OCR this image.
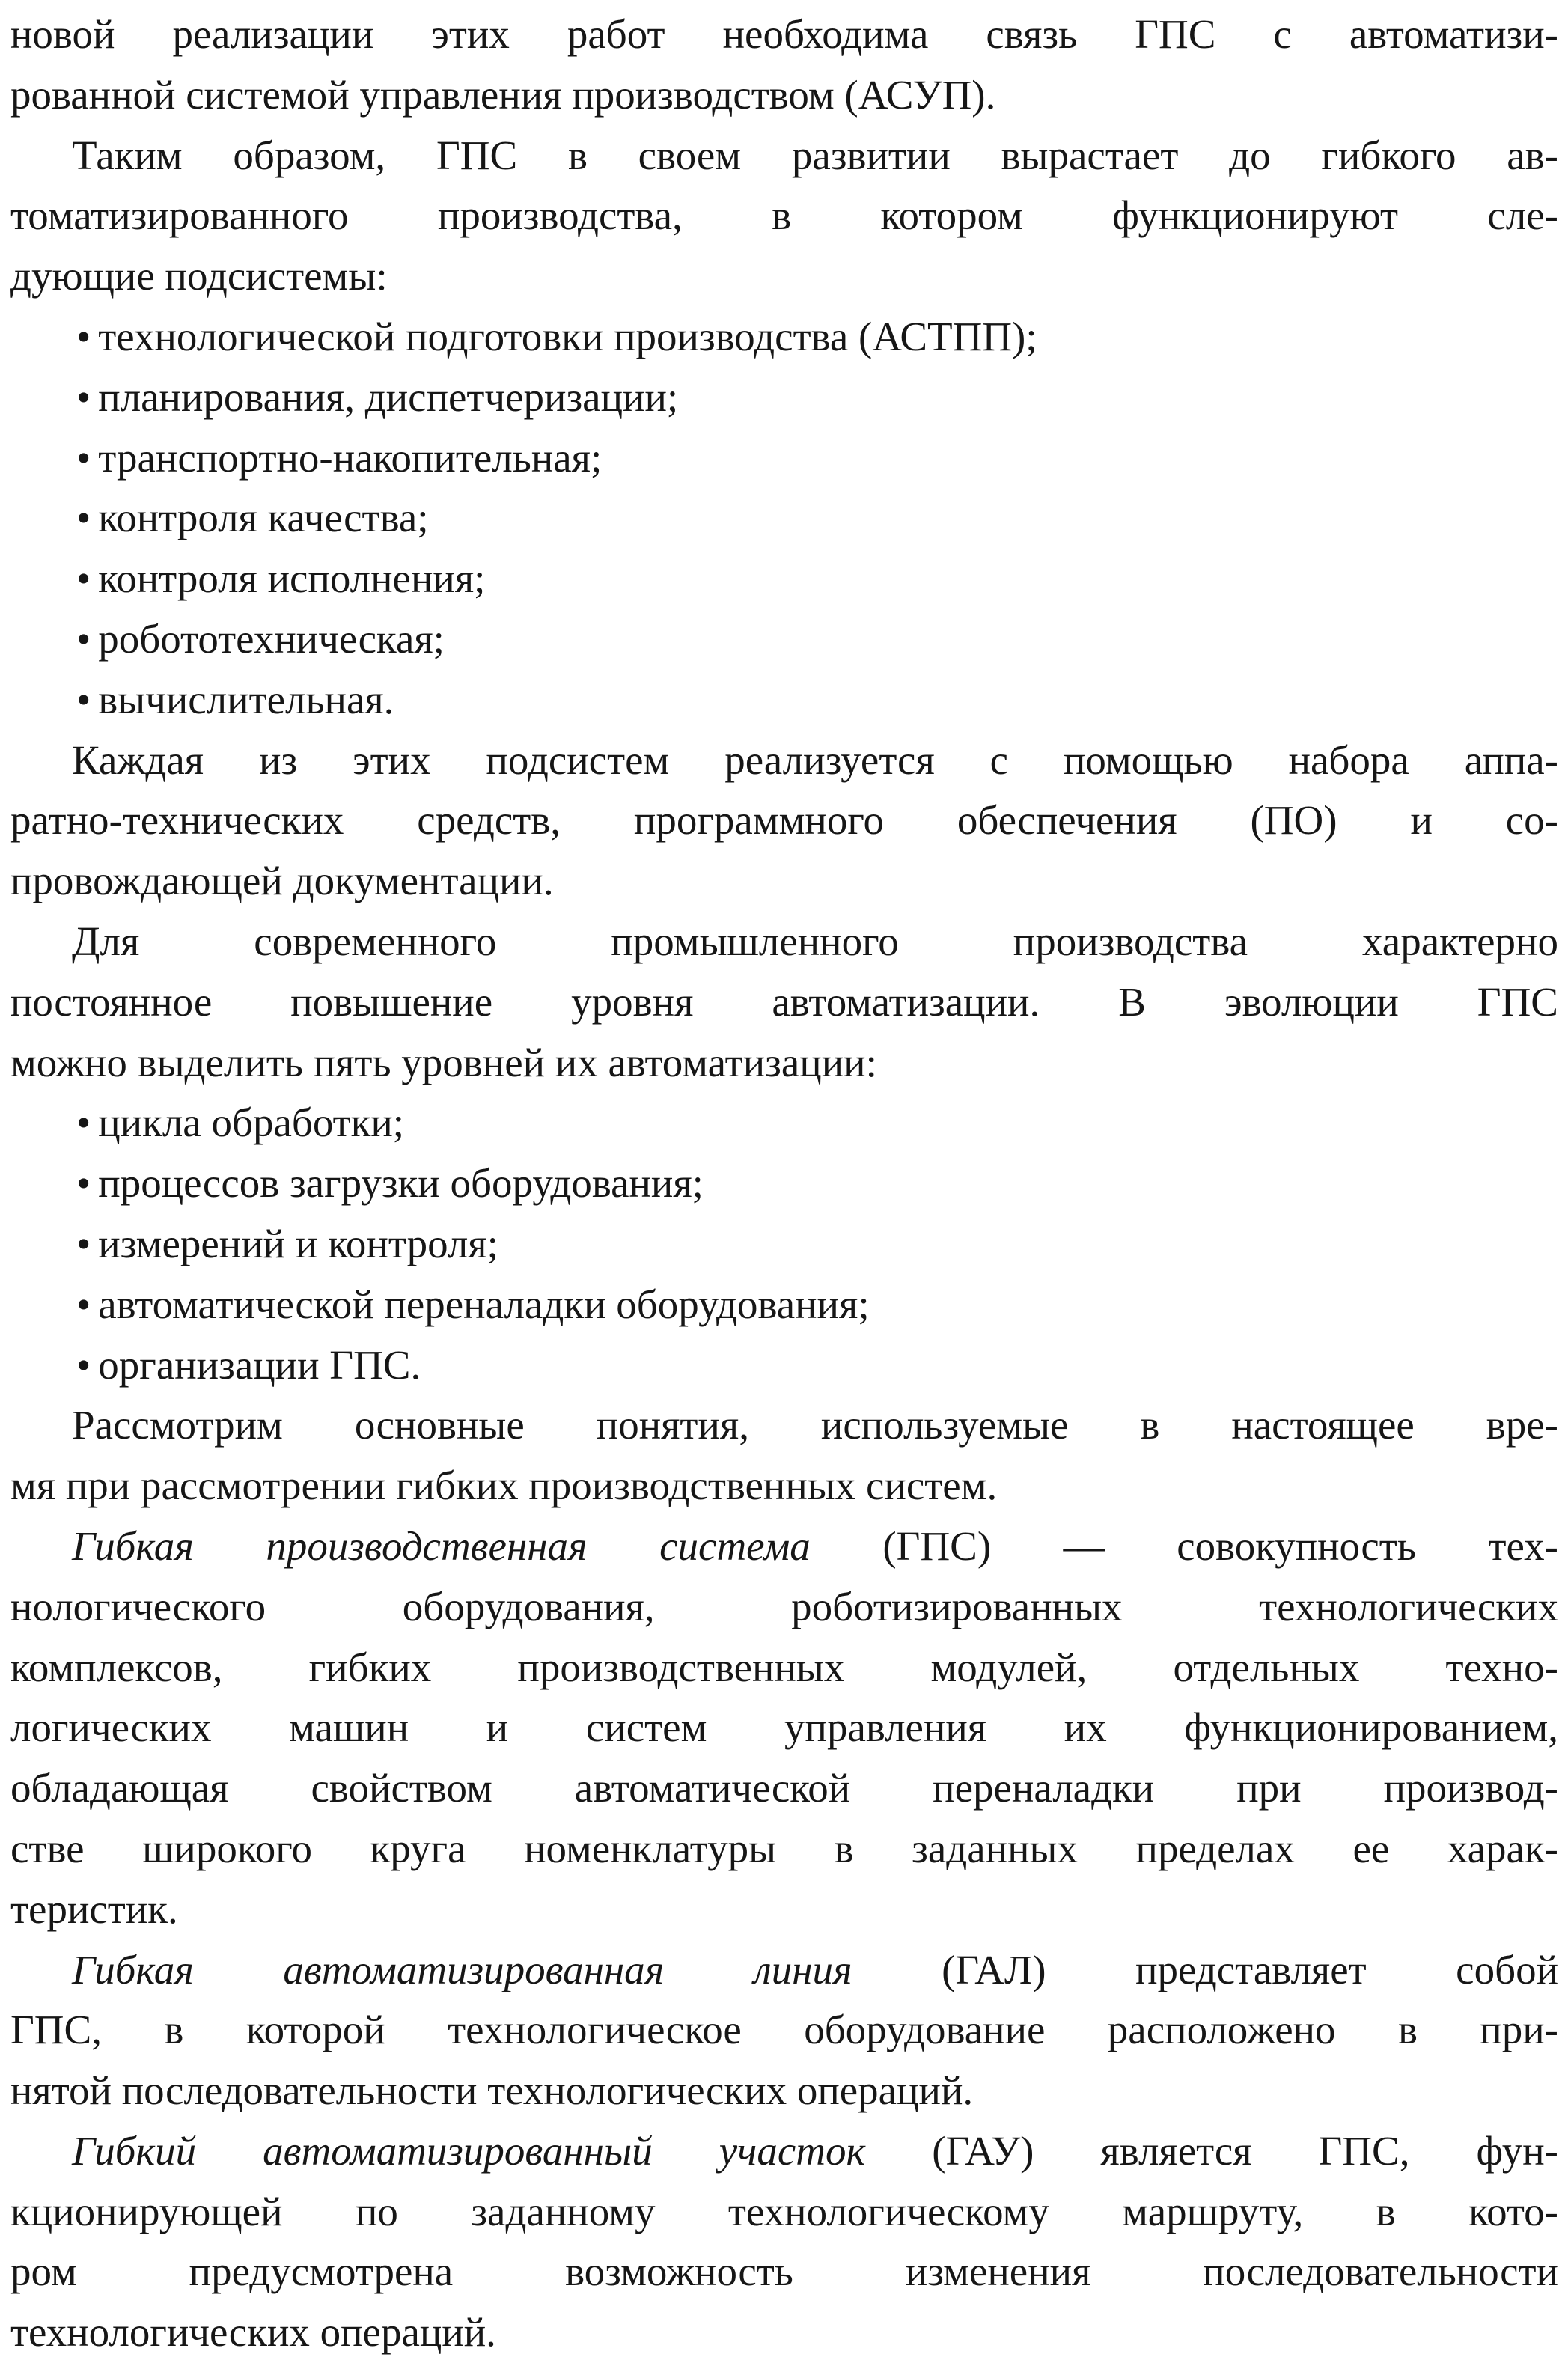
новой реализации этих работ необходима связь ГПС с автоматизи-
рованной системой управления производством (АСУП).
Таким образом, ГПС в своем развитии вырастает до гибкого ав-
томатизированного производства, в котором функционируют сле-
дующие подсистемы:
• технологической подготовки производства (АСТПП);
• планирования, диспетчеризации;
• транспортно-накопительная;
• контроля качества;
• контроля исполнения;
• робототехническая;
• вычислительная.
Каждая из этих подсистем реализуется с помощью набора аппа-
ратно-технических средств, программного обеспечения (ПО) и со-
провождающей документации.
Для современного промышленного производства характерно
постоянное повышение уровня автоматизации. В эволюции ГПС
можно выделить пять уровней их автоматизации:
• цикла обработки;
• процессов загрузки оборудования;
• измерений и контроля;
• автоматической переналадки оборудования;
• организации ГПС.
Рассмотрим основные понятия, используемые в настоящее вре-
мя при рассмотрении гибких производственных систем.
Гибкая производственная система (ГПС) — совокупность тех-
нологического оборудования, роботизированных технологических
комплексов, гибких производственных модулей, отдельных техно-
логических машин и систем управления их функционированием,
обладающая свойством автоматической переналадки при производ-
стве широкого круга номенклатуры в заданных пределах ее харак-
теристик.
Гибкая автоматизированная линия (ГАЛ) представляет собой
ГПС, в которой технологическое оборудование расположено в при-
нятой последовательности технологических операций.
Гибкий автоматизированный участок (ГАУ) является ГПС, фун-
кционирующей по заданному технологическому маршруту, в кото-
ром предусмотрена возможность изменения последовательности
технологических операций.
